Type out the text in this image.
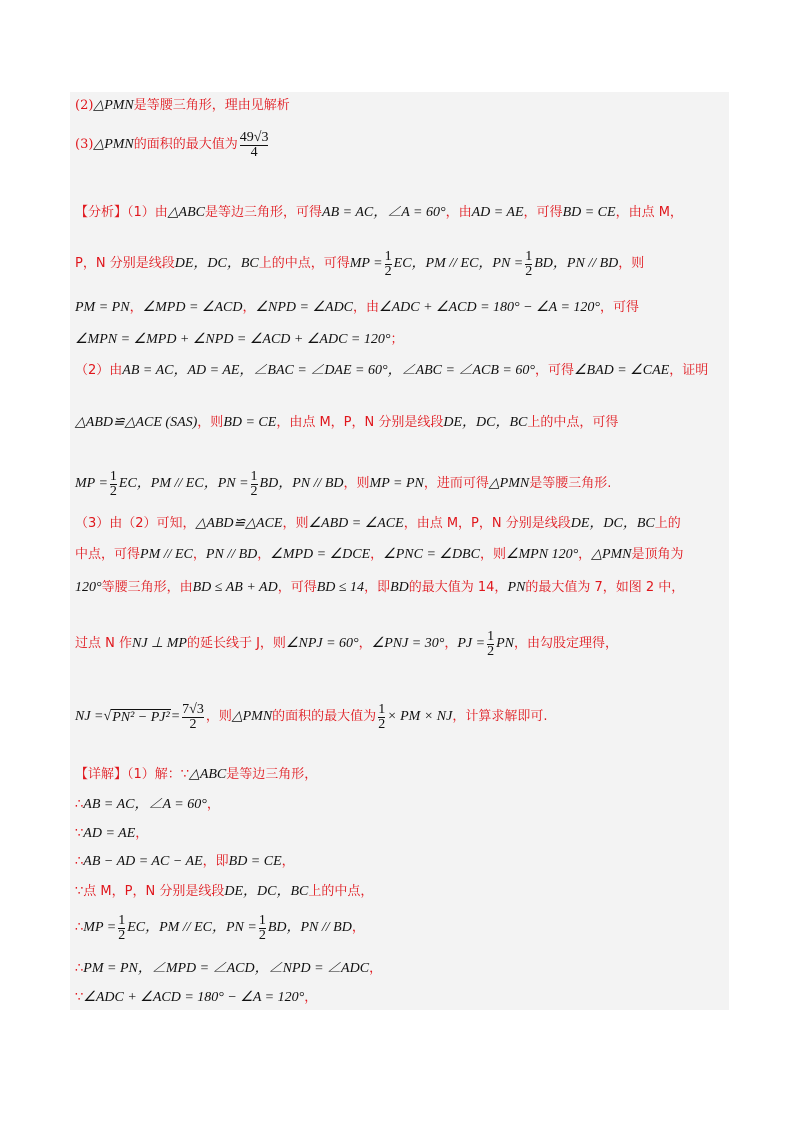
(2) △PMN 是等腰三角形，理由见解析
(3) △PMN 的面积的最大值为 $\frac{49√3}{4}$
【分析】（1）由 △ABC 是等边三角形，可得 AB = AC，∠A = 60° ，由 AD = AE ，可得 BD = CE ，由点 M，
P，N 分别是线段 DE，DC，BC 上的中点，可得 MP = $\frac{1}{2}$ EC，PM // EC，PN = $\frac{1}{2}$ BD，PN // BD ，则
PM = PN ， ∠MPD = ∠ACD ， ∠NPD = ∠ADC ，由 ∠ADC + ∠ACD = 180° − ∠A = 120° ，可得
∠MPN = ∠MPD + ∠NPD = ∠ACD + ∠ADC = 120° ；
（2）由 AB = AC，AD = AE，∠BAC = ∠DAE = 60°，∠ABC = ∠ACB = 60° ，可得 ∠BAD = ∠CAE ，证明
△ABD≌△ACE (SAS) ，则 BD = CE ，由点 M，P，N 分别是线段 DE，DC，BC 上的中点，可得
MP = $\frac{1}{2}$ EC，PM // EC，PN = $\frac{1}{2}$ BD，PN // BD ，则 MP = PN ，进而可得 △PMN 是等腰三角形.
（3）由（2）可知， △ABD≌△ACE ，则 ∠ABD = ∠ACE ，由点 M，P，N 分别是线段 DE，DC，BC 上的
中点，可得 PM // EC ， PN // BD ， ∠MPD = ∠DCE ， ∠PNC = ∠DBC ，则 ∠MPN 120° ， △PMN 是顶角为
120° 等腰三角形，由 BD ≤ AB + AD ，可得 BD ≤ 14 ，即 BD 的最大值为 14， PN 的最大值为 7，如图 2 中，
过点 N 作 NJ ⊥ MP 的延长线于 J，则 ∠NPJ = 60° ， ∠PNJ = 30° ， PJ = $\frac{1}{2}$ PN ，由勾股定理得，
NJ = √ $PN^2 - PJ^2 = \frac{7√3}{2}$ ，则 △PMN 的面积的最大值为 $\frac{1}{2}$ × PM × NJ ，计算求解即可.
【详解】（1）解：∵ △ABC 是等边三角形，
∴ AB = AC，∠A = 60° ，
∵ AD = AE ，
∴ AB − AD = AC − AE ，即 BD = CE ，
∵点 M，P，N 分别是线段 DE，DC，BC 上的中点，
∴ MP = $\frac{1}{2}$ EC，PM // EC，PN = $\frac{1}{2}$ BD，PN // BD ，
∴ PM = PN，∠MPD = ∠ACD，∠NPD = ∠ADC ，
∵ ∠ADC + ∠ACD = 180° − ∠A = 120° ，
